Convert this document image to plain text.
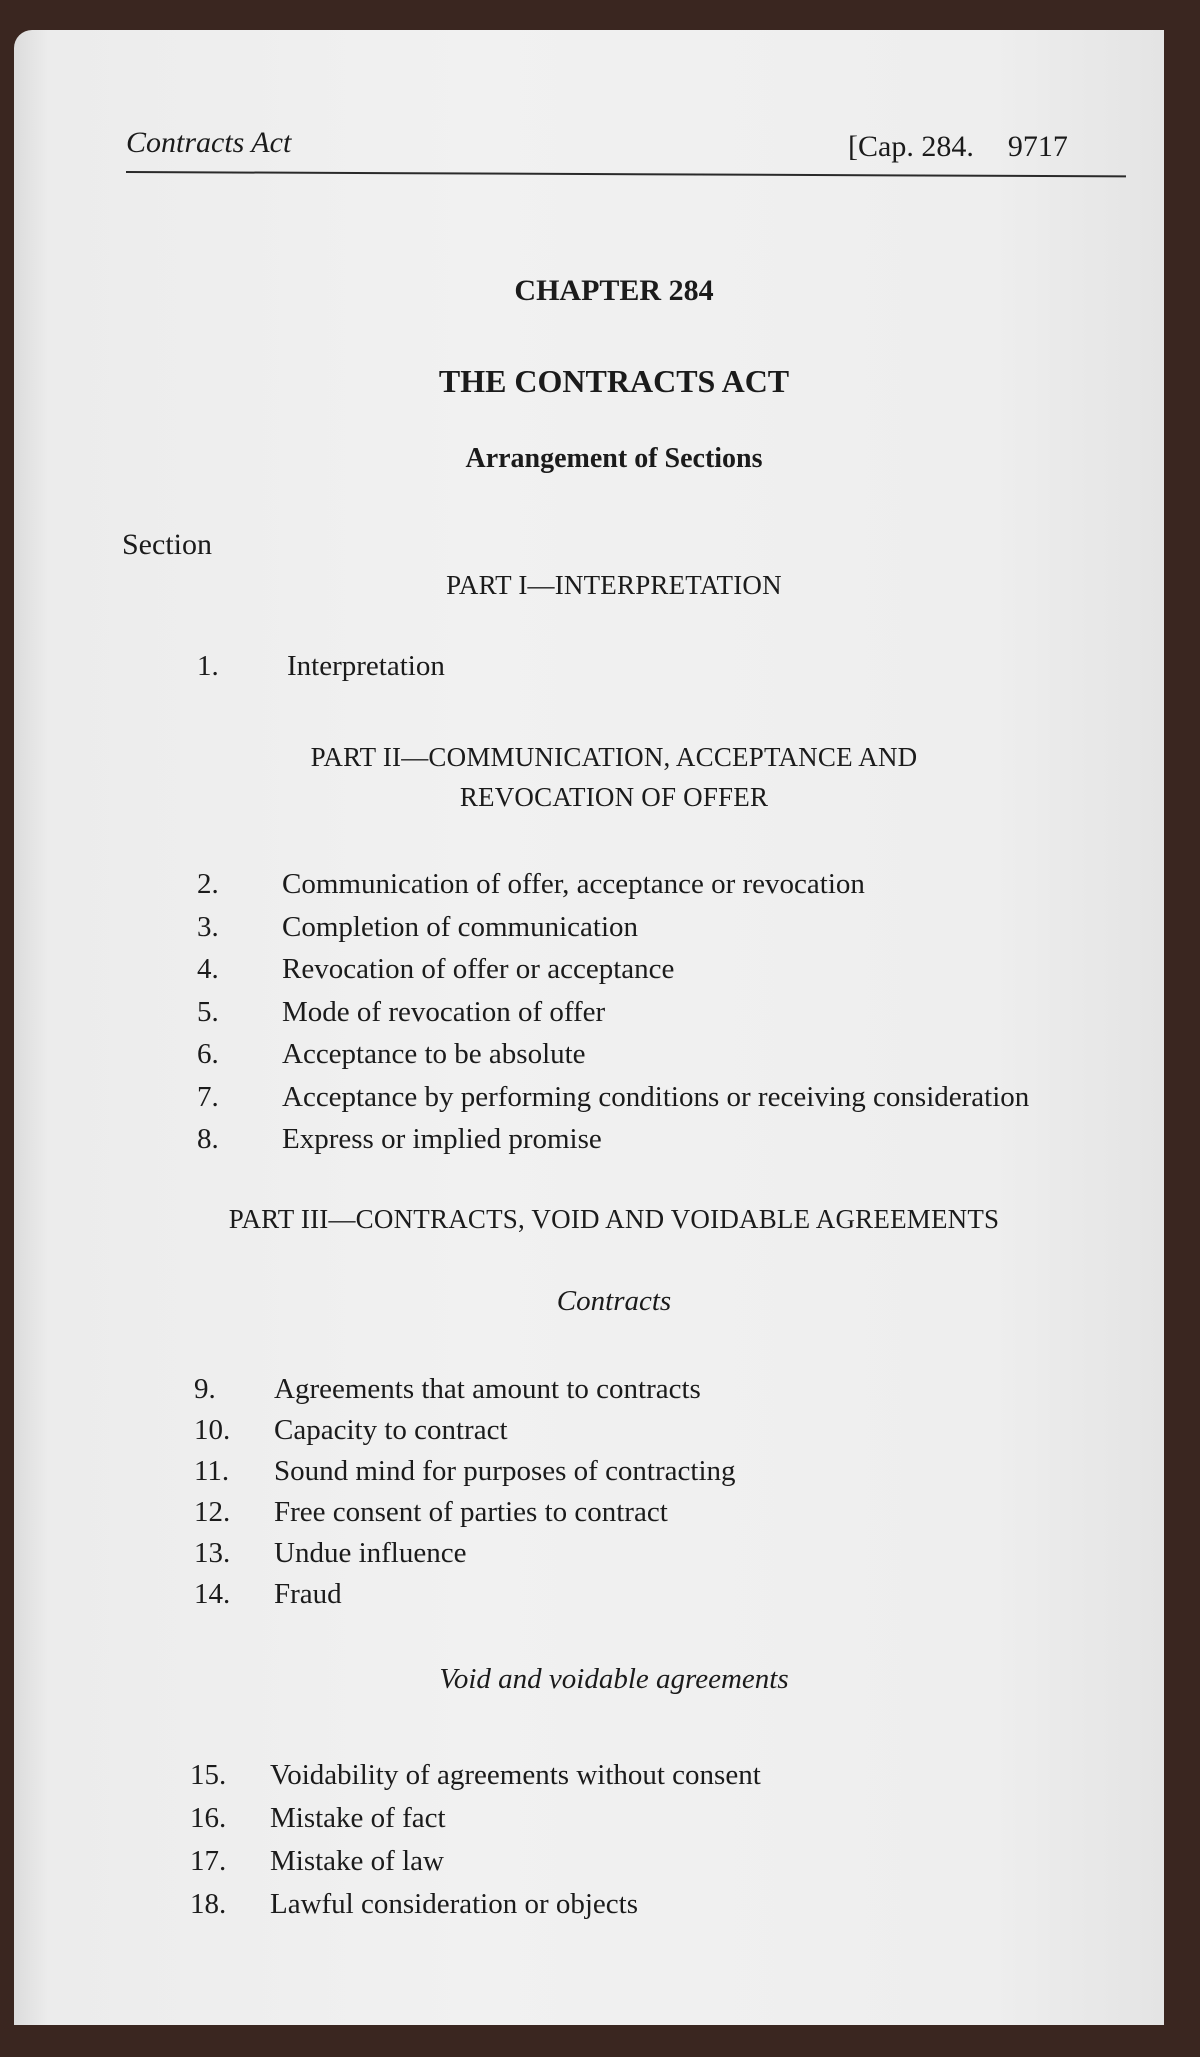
Contracts Act	[Cap. 284. 9717
CHAPTER 284
THE CONTRACTS ACT
Arrangement of Sections
Section
PART I—INTERPRETATION
1. Interpretation
PART II—COMMUNICATION, ACCEPTANCE AND
REVOCATION OF OFFER
2. Communication of offer, acceptance or revocation
3. Completion of communication
4. Revocation of offer or acceptance
5. Mode of revocation of offer
6. Acceptance to be absolute
7. Acceptance by performing conditions or receiving consideration
8. Express or implied promise
PART III—CONTRACTS, VOID AND VOIDABLE AGREEMENTS
Contracts
9. Agreements that amount to contracts
10. Capacity to contract
11. Sound mind for purposes of contracting
12. Free consent of parties to contract
13. Undue influence
14. Fraud
Void and voidable agreements
15. Voidability of agreements without consent
16. Mistake of fact
17. Mistake of law
18. Lawful consideration or objects
